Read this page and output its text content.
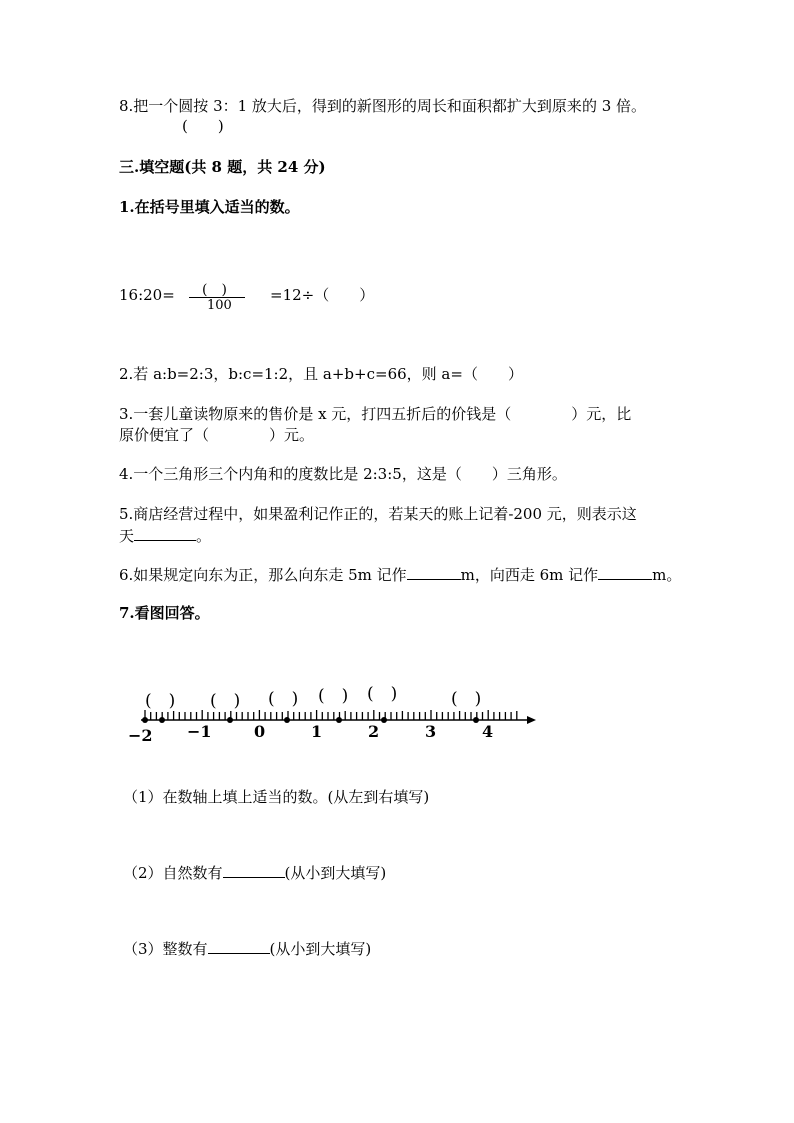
8.把一个圆按 3：1 放大后，得到的新图形的周长和面积都扩大到原来的 3 倍。
(　　)
三.填空题(共 8 题，共 24 分)
1.在括号里填入适当的数。
16:20= (　)
100
=12÷（　　）
2.若 a:b=2:3，b:c=1:2，且 a+b+c=66，则 a=（　　）
3.一套儿童读物原来的售价是 x 元，打四五折后的价钱是（　　　　）元，比
原价便宜了（　　　　）元。
4.一个三角形三个内角和的度数比是 2:3:5，这是（　　）三角形。
5.商店经营过程中，如果盈利记作正的，若某天的账上记着-200 元，则表示这
天	。
6.如果规定向东为正，那么向东走 5m 记作	m，向西走 6m 记作	m。
7.看图回答。
(　) (　) (　) (　) (　)	(　)
−2 −1	0	1	2	3	4
（1）在数轴上填上适当的数。(从左到右填写)
（2）自然数有	(从小到大填写)
（3）整数有	(从小到大填写)
